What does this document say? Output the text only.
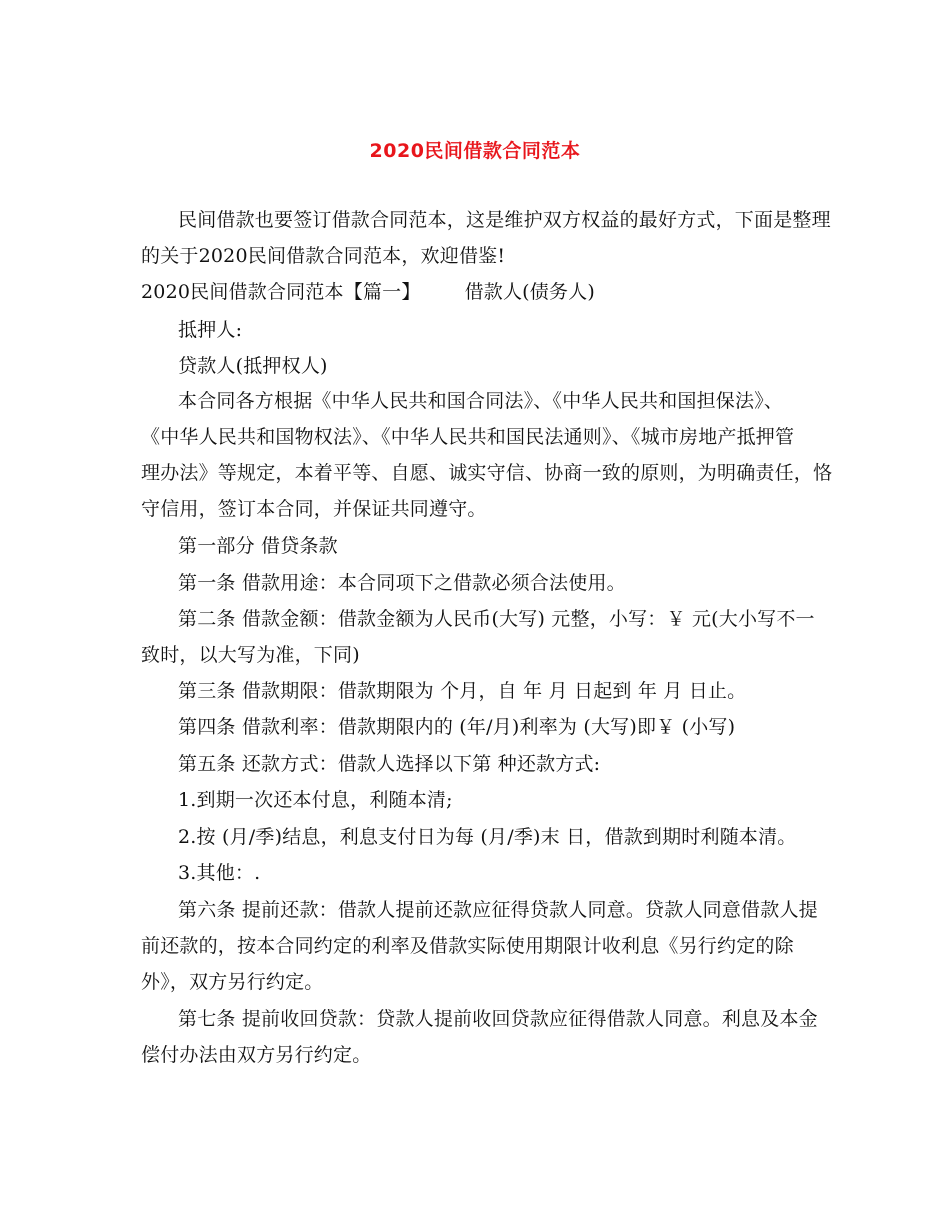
2020民间借款合同范本
民间借款也要签订借款合同范本，这是维护双方权益的最好方式，下面是整理
的关于2020民间借款合同范本，欢迎借鉴!
2020民间借款合同范本【篇一】 借款人(债务人)
抵押人:
贷款人(抵押权人)
本合同各方根据《中华人民共和国合同法》、《中华人民共和国担保法》、
《中华人民共和国物权法》、《中华人民共和国民法通则》、《城市房地产抵押管
理办法》等规定，本着平等、自愿、诚实守信、协商一致的原则，为明确责任，恪
守信用，签订本合同，并保证共同遵守。
第一部分 借贷条款
第一条 借款用途：本合同项下之借款必须合法使用。
第二条 借款金额：借款金额为人民币(大写) 元整，小写：￥ 元(大小写不一
致时，以大写为准，下同)
第三条 借款期限：借款期限为 个月，自 年 月 日起到 年 月 日止。
第四条 借款利率：借款期限内的 (年/月)利率为 (大写)即￥ (小写)
第五条 还款方式：借款人选择以下第 种还款方式:
1.到期一次还本付息，利随本清;
2.按 (月/季)结息，利息支付日为每 (月/季)末 日，借款到期时利随本清。
3.其他：.
第六条 提前还款：借款人提前还款应征得贷款人同意。贷款人同意借款人提
前还款的，按本合同约定的利率及借款实际使用期限计收利息《另行约定的除
外》，双方另行约定。
第七条 提前收回贷款：贷款人提前收回贷款应征得借款人同意。利息及本金
偿付办法由双方另行约定。
